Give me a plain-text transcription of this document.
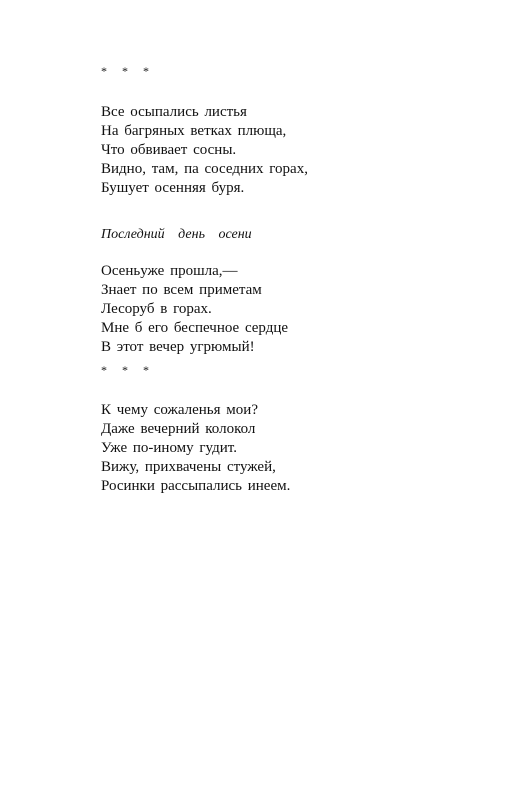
* * *
Все осыпались листья
На багряных ветках плюща,
Что обвивает сосны.
Видно, там, па соседних горах,
Бушует осенняя буря.
Последний день осени
Осеньуже прошла,—
Знает по всем приметам
Лесоруб в горах.
Мне б его беспечное сердце
В этот вечер угрюмый!
* * *
К чему сожаленья мои?
Даже вечерний колокол
Уже по-иному гудит.
Вижу, прихвачены стужей,
Росинки рассыпались инеем.
